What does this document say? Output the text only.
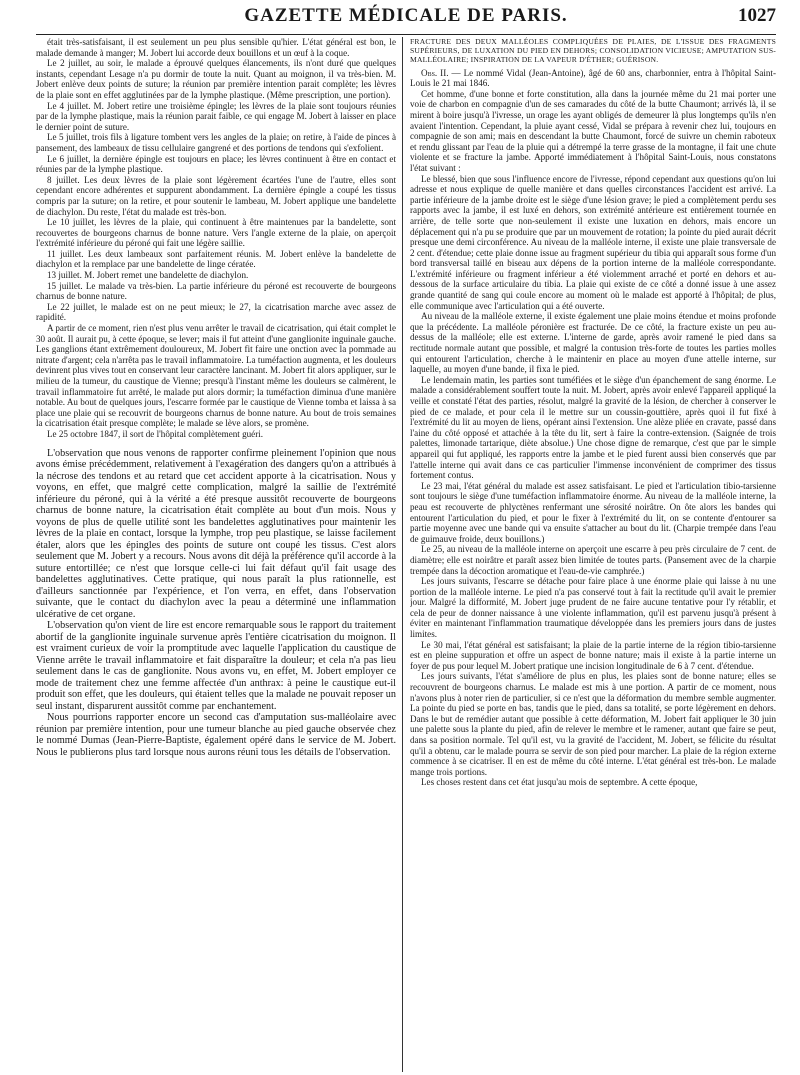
GAZETTE MÉDICALE DE PARIS.	1027

était très-satisfaisant, il est seulement un peu plus sensible qu'hier. L'état général est bon, le malade demande à manger; M. Jobert lui accorde deux bouillons et un œuf à la coque.

Le 2 juillet, au soir, le malade a éprouvé quelques élancements, ils n'ont duré que quelques instants, cependant Lesage n'a pu dormir de toute la nuit. Quant au moignon, il va très-bien. M. Jobert enlève deux points de suture; la réunion par première intention parait complète; les lèvres de la plaie sont en effet agglutinées par de la lymphe plastique. (Même prescription, une portion).

Le 4 juillet. M. Jobert retire une troisième épingle; les lèvres de la plaie sont toujours réunies par de la lymphe plastique, mais la réunion parait faible, ce qui engage M. Jobert à laisser en place le dernier point de suture.

Le 5 juillet, trois fils à ligature tombent vers les angles de la plaie; on retire, à l'aide de pinces à pansement, des lambeaux de tissu cellulaire gangrené et des portions de tendons qui s'exfolient.

Le 6 juillet, la dernière épingle est toujours en place; les lèvres continuent à être en contact et réunies par de la lymphe plastique.

8 juillet. Les deux lèvres de la plaie sont légèrement écartées l'une de l'autre, elles sont cependant encore adhérentes et suppurent abondamment. La dernière épingle a coupé les tissus compris par la suture; on la retire, et pour soutenir le lambeau, M. Jobert applique une bandelette de diachylon. Du reste, l'état du malade est très-bon.

Le 10 juillet, les lèvres de la plaie, qui continuent à être maintenues par la bandelette, sont recouvertes de bourgeons charnus de bonne nature. Vers l'angle externe de la plaie, on aperçoit l'extrémité inférieure du péroné qui fait une légère saillie.

11 juillet. Les deux lambeaux sont parfaitement réunis. M. Jobert enlève la bandelette de diachylon et la remplace par une bandelette de linge cératée.

13 juillet. M. Jobert remet une bandelette de diachylon.

15 juillet. Le malade va très-bien. La partie inférieure du péroné est recouverte de bourgeons charnus de bonne nature.

Le 22 juillet, le malade est on ne peut mieux; le 27, la cicatrisation marche avec assez de rapidité.

A partir de ce moment, rien n'est plus venu arrêter le travail de cicatrisation, qui était complet le 30 août. Il aurait pu, à cette époque, se lever; mais il fut atteint d'une ganglionite inguinale gauche. Les ganglions étant extrêmement douloureux, M. Jobert fit faire une onction avec la pommade au nitrate d'argent; cela n'arrêta pas le travail inflammatoire. La tuméfaction augmenta, et les douleurs devinrent plus vives tout en conservant leur caractère lancinant. M. Jobert fit alors appliquer, sur le milieu de la tumeur, du caustique de Vienne; presqu'à l'instant même les douleurs se calmèrent, le travail inflammatoire fut arrêté, le malade put alors dormir; la tuméfaction diminua d'une manière notable. Au bout de quelques jours, l'escarre formée par le caustique de Vienne tomba et laissa à sa place une plaie qui se recouvrit de bourgeons charnus de bonne nature. Au bout de trois semaines la cicatrisation était presque complète; le malade se lève alors, se promène.

Le 25 octobre 1847, il sort de l'hôpital complètement guéri.

L'observation que nous venons de rapporter confirme pleinement l'opinion que nous avons émise précédemment, relativement à l'exagération des dangers qu'on a attribués à la nécrose des tendons et au retard que cet accident apporte à la cicatrisation. Nous y voyons, en effet, que malgré cette complication, malgré la saillie de l'extrémité inférieure du péroné, qui à la vérité a été presque aussitôt recouverte de bourgeons charnus de bonne nature, la cicatrisation était complète au bout d'un mois. Nous y voyons de plus de quelle utilité sont les bandelettes agglutinatives pour maintenir les lèvres de la plaie en contact, lorsque la lymphe, trop peu plastique, se laisse facilement étaler, alors que les épingles des points de suture ont coupé les tissus. C'est alors seulement que M. Jobert y a recours. Nous avons dit déjà la préférence qu'il accorde à la suture entortillée; ce n'est que lorsque celle-ci lui fait défaut qu'il fait usage des bandelettes agglutinatives. Cette pratique, qui nous paraît la plus rationnelle, est d'ailleurs sanctionnée par l'expérience, et l'on verra, en effet, dans l'observation suivante, que le contact du diachylon avec la peau a déterminé une inflammation ulcérative de cet organe.

L'observation qu'on vient de lire est encore remarquable sous le rapport du traitement abortif de la ganglionite inguinale survenue après l'entière cicatrisation du moignon. Il est vraiment curieux de voir la promptitude avec laquelle l'application du caustique de Vienne arrête le travail inflammatoire et fait disparaître la douleur; et cela n'a pas lieu seulement dans le cas de ganglionite. Nous avons vu, en effet, M. Jobert employer ce mode de traitement chez une femme affectée d'un anthrax: à peine le caustique eut-il produit son effet, que les douleurs, qui étaient telles que la malade ne pouvait reposer un seul instant, disparurent aussitôt comme par enchantement.

Nous pourrions rapporter encore un second cas d'amputation sus-malléolaire avec réunion par première intention, pour une tumeur blanche au pied gauche observée chez le nommé Dumas (Jean-Pierre-Baptiste, également opéré dans le service de M. Jobert. Nous le publierons plus tard lorsque nous aurons réuni tous les détails de l'observation.

FRACTURE DES DEUX MALLÉOLES COMPLIQUÉES DE PLAIES, DE L'ISSUE DES FRAGMENTS SUPÉRIEURS, DE LUXATION DU PIED EN DEHORS; CONSOLIDATION VICIEUSE; AMPUTATION SUS-MALLÉOLAIRE; INSPIRATION DE LA VAPEUR D'ÉTHER; GUÉRISON.

Obs. II. — Le nommé Vidal (Jean-Antoine), âgé de 60 ans, charbonnier, entra à l'hôpital Saint-Louis le 21 mai 1846.

Cet homme, d'une bonne et forte constitution, alla dans la journée même du 21 mai porter une voie de charbon en compagnie d'un de ses camarades du côté de la butte Chaumont; arrivés là, il se mirent à boire jusqu'à l'ivresse, un orage les ayant obligés de demeurer là plus longtemps qu'ils n'en avaient l'intention. Cependant, la pluie ayant cessé, Vidal se prépara à revenir chez lui, toujours en compagnie de son ami; mais en descendant la butte Chaumont, forcé de suivre un chemin raboteux et rendu glissant par l'eau de la pluie qui a détrempé la terre grasse de la montagne, il fait une chute violente et se fracture la jambe. Apporté immédiatement à l'hôpital Saint-Louis, nous constatons l'état suivant :

Le blessé, bien que sous l'influence encore de l'ivresse, répond cependant aux questions qu'on lui adresse et nous explique de quelle manière et dans quelles circonstances l'accident est arrivé. La partie inférieure de la jambe droite est le siège d'une lésion grave; le pied a complètement perdu ses rapports avec la jambe, il est luxé en dehors, son extrémité antérieure est entièrement tournée en arrière, de telle sorte que non-seulement il existe une luxation en dehors, mais encore un déplacement qui n'a pu se produire que par un mouvement de rotation; la pointe du pied aurait décrit presque une demi circonférence. Au niveau de la malléole interne, il existe une plaie transversale de 2 cent. d'étendue; cette plaie donne issue au fragment supérieur du tibia qui apparaît sous forme d'un bord transversal taillé en biseau aux dépens de la portion interne de la malléole correspondante. L'extrémité inférieure ou fragment inférieur a été violemment arraché et porté en dehors et au-dessous de la surface articulaire du tibia. La plaie qui existe de ce côté a donné issue à une assez grande quantité de sang qui coule encore au moment où le malade est apporté à l'hôpital; de plus, elle communique avec l'articulation qui a été ouverte.

Au niveau de la malléole externe, il existe également une plaie moins étendue et moins profonde que la précédente. La malléole péronière est fracturée. De ce côté, la fracture existe un peu au-dessus de la malléole; elle est externe. L'interne de garde, après avoir ramené le pied dans sa rectitude normale autant que possible, et malgré la contusion très-forte de toutes les parties molles qui entourent l'articulation, cherche à le maintenir en place au moyen d'une attelle interne, sur laquelle, au moyen d'une bande, il fixa le pied.

Le lendemain matin, les parties sont tuméfiées et le siège d'un épanchement de sang énorme. Le malade a considérablement souffert toute la nuit. M. Jobert, après avoir enlevé l'appareil appliqué la veille et constaté l'état des parties, résolut, malgré la gravité de la lésion, de chercher à conserver le pied de ce malade, et pour cela il le mettre sur un coussin-gouttière, après quoi il fut fixé à l'extrémité du lit au moyen de liens, opérant ainsi l'extension. Une alèze pliée en cravate, passé dans l'aine du côté opposé et attachée à la tête du lit, sert à faire la contre-extension. (Saignée de trois palettes, limonade tartarique, diète absolue.) Une chose digne de remarque, c'est que par le simple appareil qui fut appliqué, les rapports entre la jambe et le pied furent aussi bien conservés que par l'attelle interne qui avait dans ce cas particulier l'immense inconvénient de comprimer des tissus fortement contus.

Le 23 mai, l'état général du malade est assez satisfaisant. Le pied et l'articulation tibio-tarsienne sont toujours le siège d'une tuméfaction inflammatoire énorme. Au niveau de la malléole interne, la peau est recouverte de phlyctènes renfermant une sérosité noirâtre. On ôte alors les bandes qui entourent l'articulation du pied, et pour le fixer à l'extrémité du lit, on se contente d'entourer sa partie moyenne avec une bande qui va ensuite s'attacher au bout du lit. (Charpie trempée dans l'eau de guimauve froide, deux bouillons.)

Le 25, au niveau de la malléole interne on aperçoit une escarre à peu près circulaire de 7 cent. de diamètre; elle est noirâtre et paraît assez bien limitée de toutes parts. (Pansement avec de la charpie trempée dans la décoction aromatique et l'eau-de-vie camphrée.)

Les jours suivants, l'escarre se détache pour faire place à une énorme plaie qui laisse à nu une portion de la malléole interne. Le pied n'a pas conservé tout à fait la rectitude qu'il avait le premier jour. Malgré la difformité, M. Jobert juge prudent de ne faire aucune tentative pour l'y rétablir, et cela de peur de donner naissance à une violente inflammation, qu'il est parvenu jusqu'à présent à éviter en maintenant l'inflammation traumatique développée dans les premiers jours dans de justes limites.

Le 30 mai, l'état général est satisfaisant; la plaie de la partie interne de la région tibio-tarsienne est en pleine suppuration et offre un aspect de bonne nature; mais il existe à la partie interne un foyer de pus pour lequel M. Jobert pratique une incision longitudinale de 6 à 7 cent. d'étendue.

Les jours suivants, l'état s'améliore de plus en plus, les plaies sont de bonne nature; elles se recouvrent de bourgeons charnus. Le malade est mis à une portion. A partir de ce moment, nous n'avons plus à noter rien de particulier, si ce n'est que la déformation du membre semble augmenter. La pointe du pied se porte en bas, tandis que le pied, dans sa totalité, se porte légèrement en dehors. Dans le but de remédier autant que possible à cette déformation, M. Jobert fait appliquer le 30 juin une palette sous la plante du pied, afin de relever le membre et le ramener, autant que faire se peut, dans sa position normale. Tel qu'il est, vu la gravité de l'accident, M. Jobert, se félicite du résultat qu'il a obtenu, car le malade pourra se servir de son pied pour marcher. La plaie de la région externe commence à se cicatriser. Il en est de même du côté interne. L'état général est très-bon. Le malade mange trois portions.

Les choses restent dans cet état jusqu'au mois de septembre. A cette époque,
